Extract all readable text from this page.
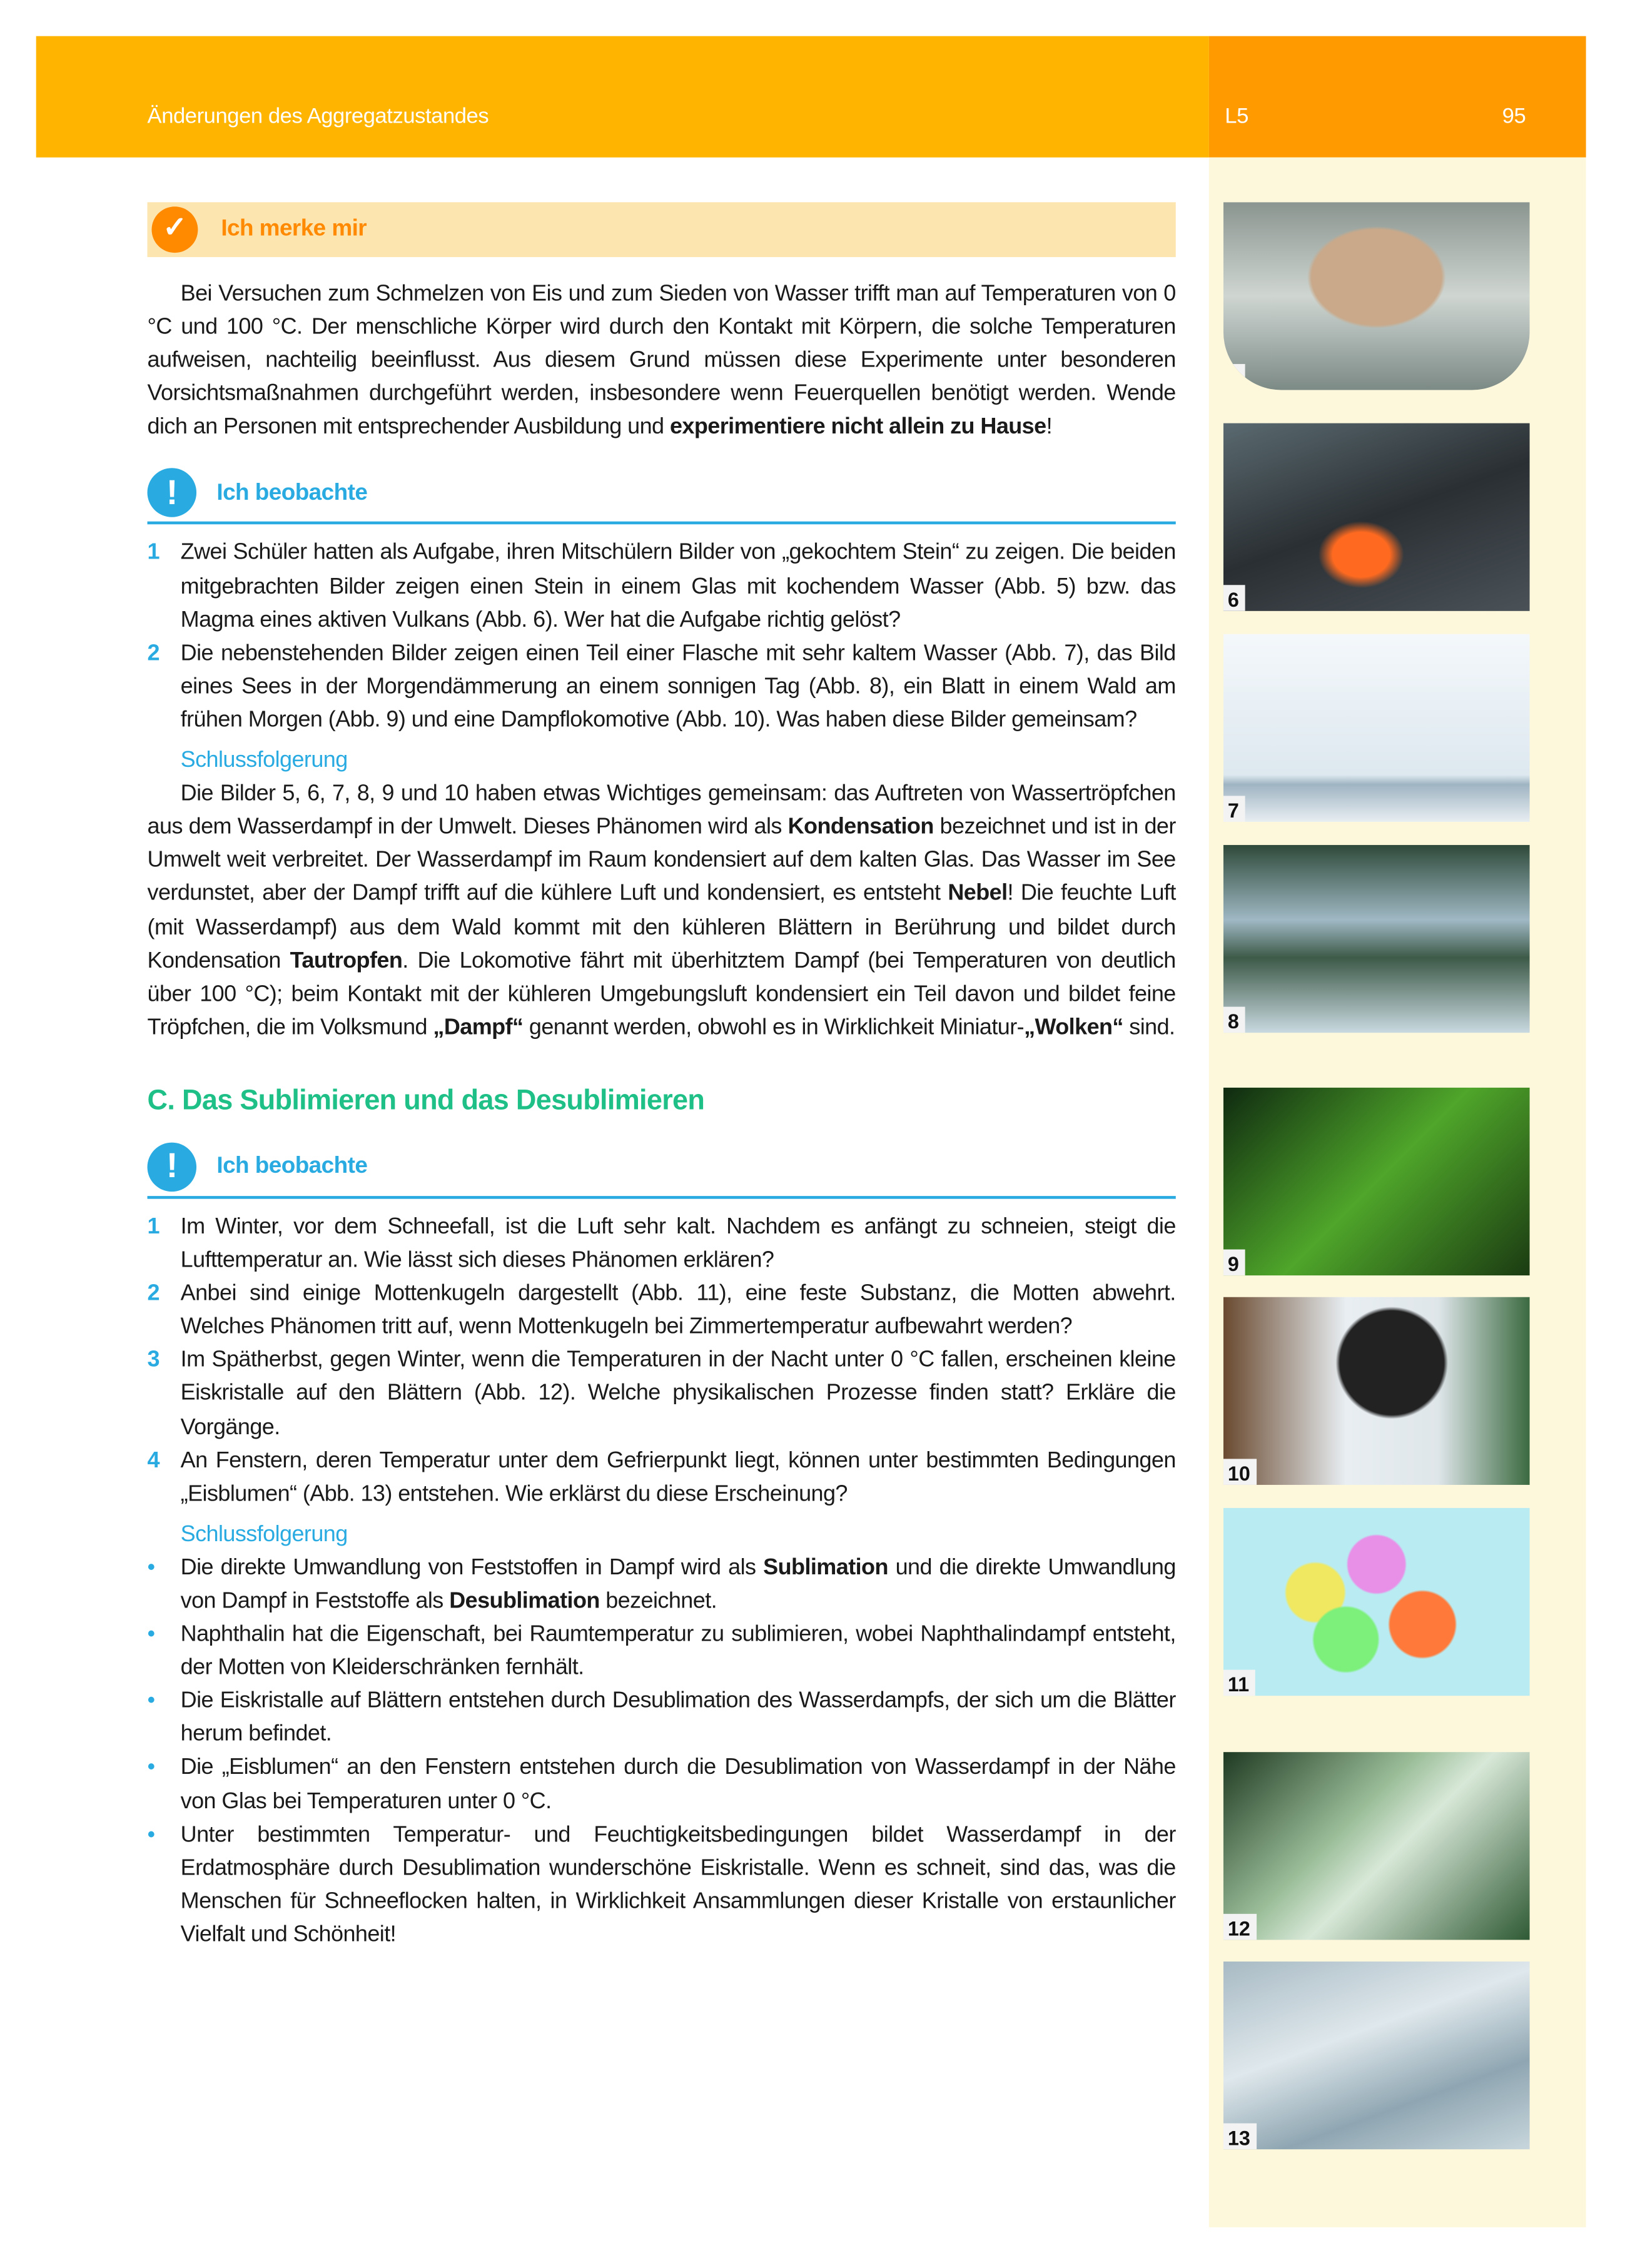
Änderungen des Aggregatzustandes	L5	95
5
6
7
8
9
10
11
12
13
✓	Ich merke mir

Bei Versuchen zum Schmelzen von Eis und zum Sieden von Wasser trifft man auf Temperaturen von 0 °C und 100 °C. Der menschliche Körper wird durch den Kontakt mit Körpern, die solche Temperaturen aufweisen, nachteilig beeinflusst. Aus diesem Grund müssen diese Experimente unter besonderen Vorsichtsmaßnahmen durchgeführt werden, insbesondere wenn Feuerquellen benötigt werden. Wende dich an Personen mit entsprechender Ausbildung und experimentiere nicht allein zu Hause!

!	Ich beobachte
1	Zwei Schüler hatten als Aufgabe, ihren Mitschülern Bilder von „gekochtem Stein“ zu zeigen. Die beiden mitgebrachten Bilder zeigen einen Stein in einem Glas mit kochendem Wasser (Abb. 5) bzw. das Magma eines aktiven Vulkans (Abb. 6). Wer hat die Aufgabe richtig gelöst?
2	Die nebenstehenden Bilder zeigen einen Teil einer Flasche mit sehr kaltem Wasser (Abb. 7), das Bild eines Sees in der Morgendämmerung an einem sonnigen Tag (Abb. 8), ein Blatt in einem Wald am frühen Morgen (Abb. 9) und eine Dampflokomotive (Abb. 10). Was haben diese Bilder gemeinsam?
Schlussfolgerung

Die Bilder 5, 6, 7, 8, 9 und 10 haben etwas Wichtiges gemeinsam: das Auftreten von Wassertröpfchen aus dem Wasserdampf in der Umwelt. Dieses Phänomen wird als Kondensation bezeichnet und ist in der Umwelt weit verbreitet. Der Wasserdampf im Raum kondensiert auf dem kalten Glas. Das Wasser im See verdunstet, aber der Dampf trifft auf die kühlere Luft und kondensiert, es entsteht Nebel! Die feuchte Luft (mit Wasserdampf) aus dem Wald kommt mit den kühleren Blättern in Berührung und bildet durch Kondensation Tautropfen. Die Lokomotive fährt mit überhitztem Dampf (bei Temperaturen von deutlich über 100 °C); beim Kontakt mit der kühleren Umgebungsluft kondensiert ein Teil davon und bildet feine Tröpfchen, die im Volksmund „Dampf“ genannt werden, obwohl es in Wirklichkeit Miniatur-„Wolken“ sind.

C. Das Sublimieren und das Desublimieren
!	Ich beobachte
1	Im Winter, vor dem Schneefall, ist die Luft sehr kalt. Nachdem es anfängt zu schneien, steigt die Lufttemperatur an. Wie lässt sich dieses Phänomen erklären?
2	Anbei sind einige Mottenkugeln dargestellt (Abb. 11), eine feste Substanz, die Motten abwehrt. Welches Phänomen tritt auf, wenn Mottenkugeln bei Zimmertemperatur aufbewahrt werden?
3	Im Spätherbst, gegen Winter, wenn die Temperaturen in der Nacht unter 0 °C fallen, erscheinen kleine Eiskristalle auf den Blättern (Abb. 12). Welche physikalischen Prozesse finden statt? Erkläre die Vorgänge.
4	An Fenstern, deren Temperatur unter dem Gefrierpunkt liegt, können unter bestimmten Bedingungen „Eisblumen“ (Abb. 13) entstehen. Wie erklärst du diese Erscheinung?
Schlussfolgerung
•	Die direkte Umwandlung von Feststoffen in Dampf wird als Sublimation und die direkte Umwandlung von Dampf in Feststoffe als Desublimation bezeichnet.
•	Naphthalin hat die Eigenschaft, bei Raumtemperatur zu sublimieren, wobei Naphthalindampf entsteht, der Motten von Kleiderschränken fernhält.
•	Die Eiskristalle auf Blättern entstehen durch Desublimation des Wasserdampfs, der sich um die Blätter herum befindet.
•	Die „Eisblumen“ an den Fenstern entstehen durch die Desublimation von Wasserdampf in der Nähe von Glas bei Temperaturen unter 0 °C.
•	Unter bestimmten Temperatur- und Feuchtigkeitsbedingungen bildet Wasserdampf in der Erdatmosphäre durch Desublimation wunderschöne Eiskristalle. Wenn es schneit, sind das, was die Menschen für Schneeflocken halten, in Wirklichkeit Ansammlungen dieser Kristalle von erstaunlicher Vielfalt und Schönheit!
